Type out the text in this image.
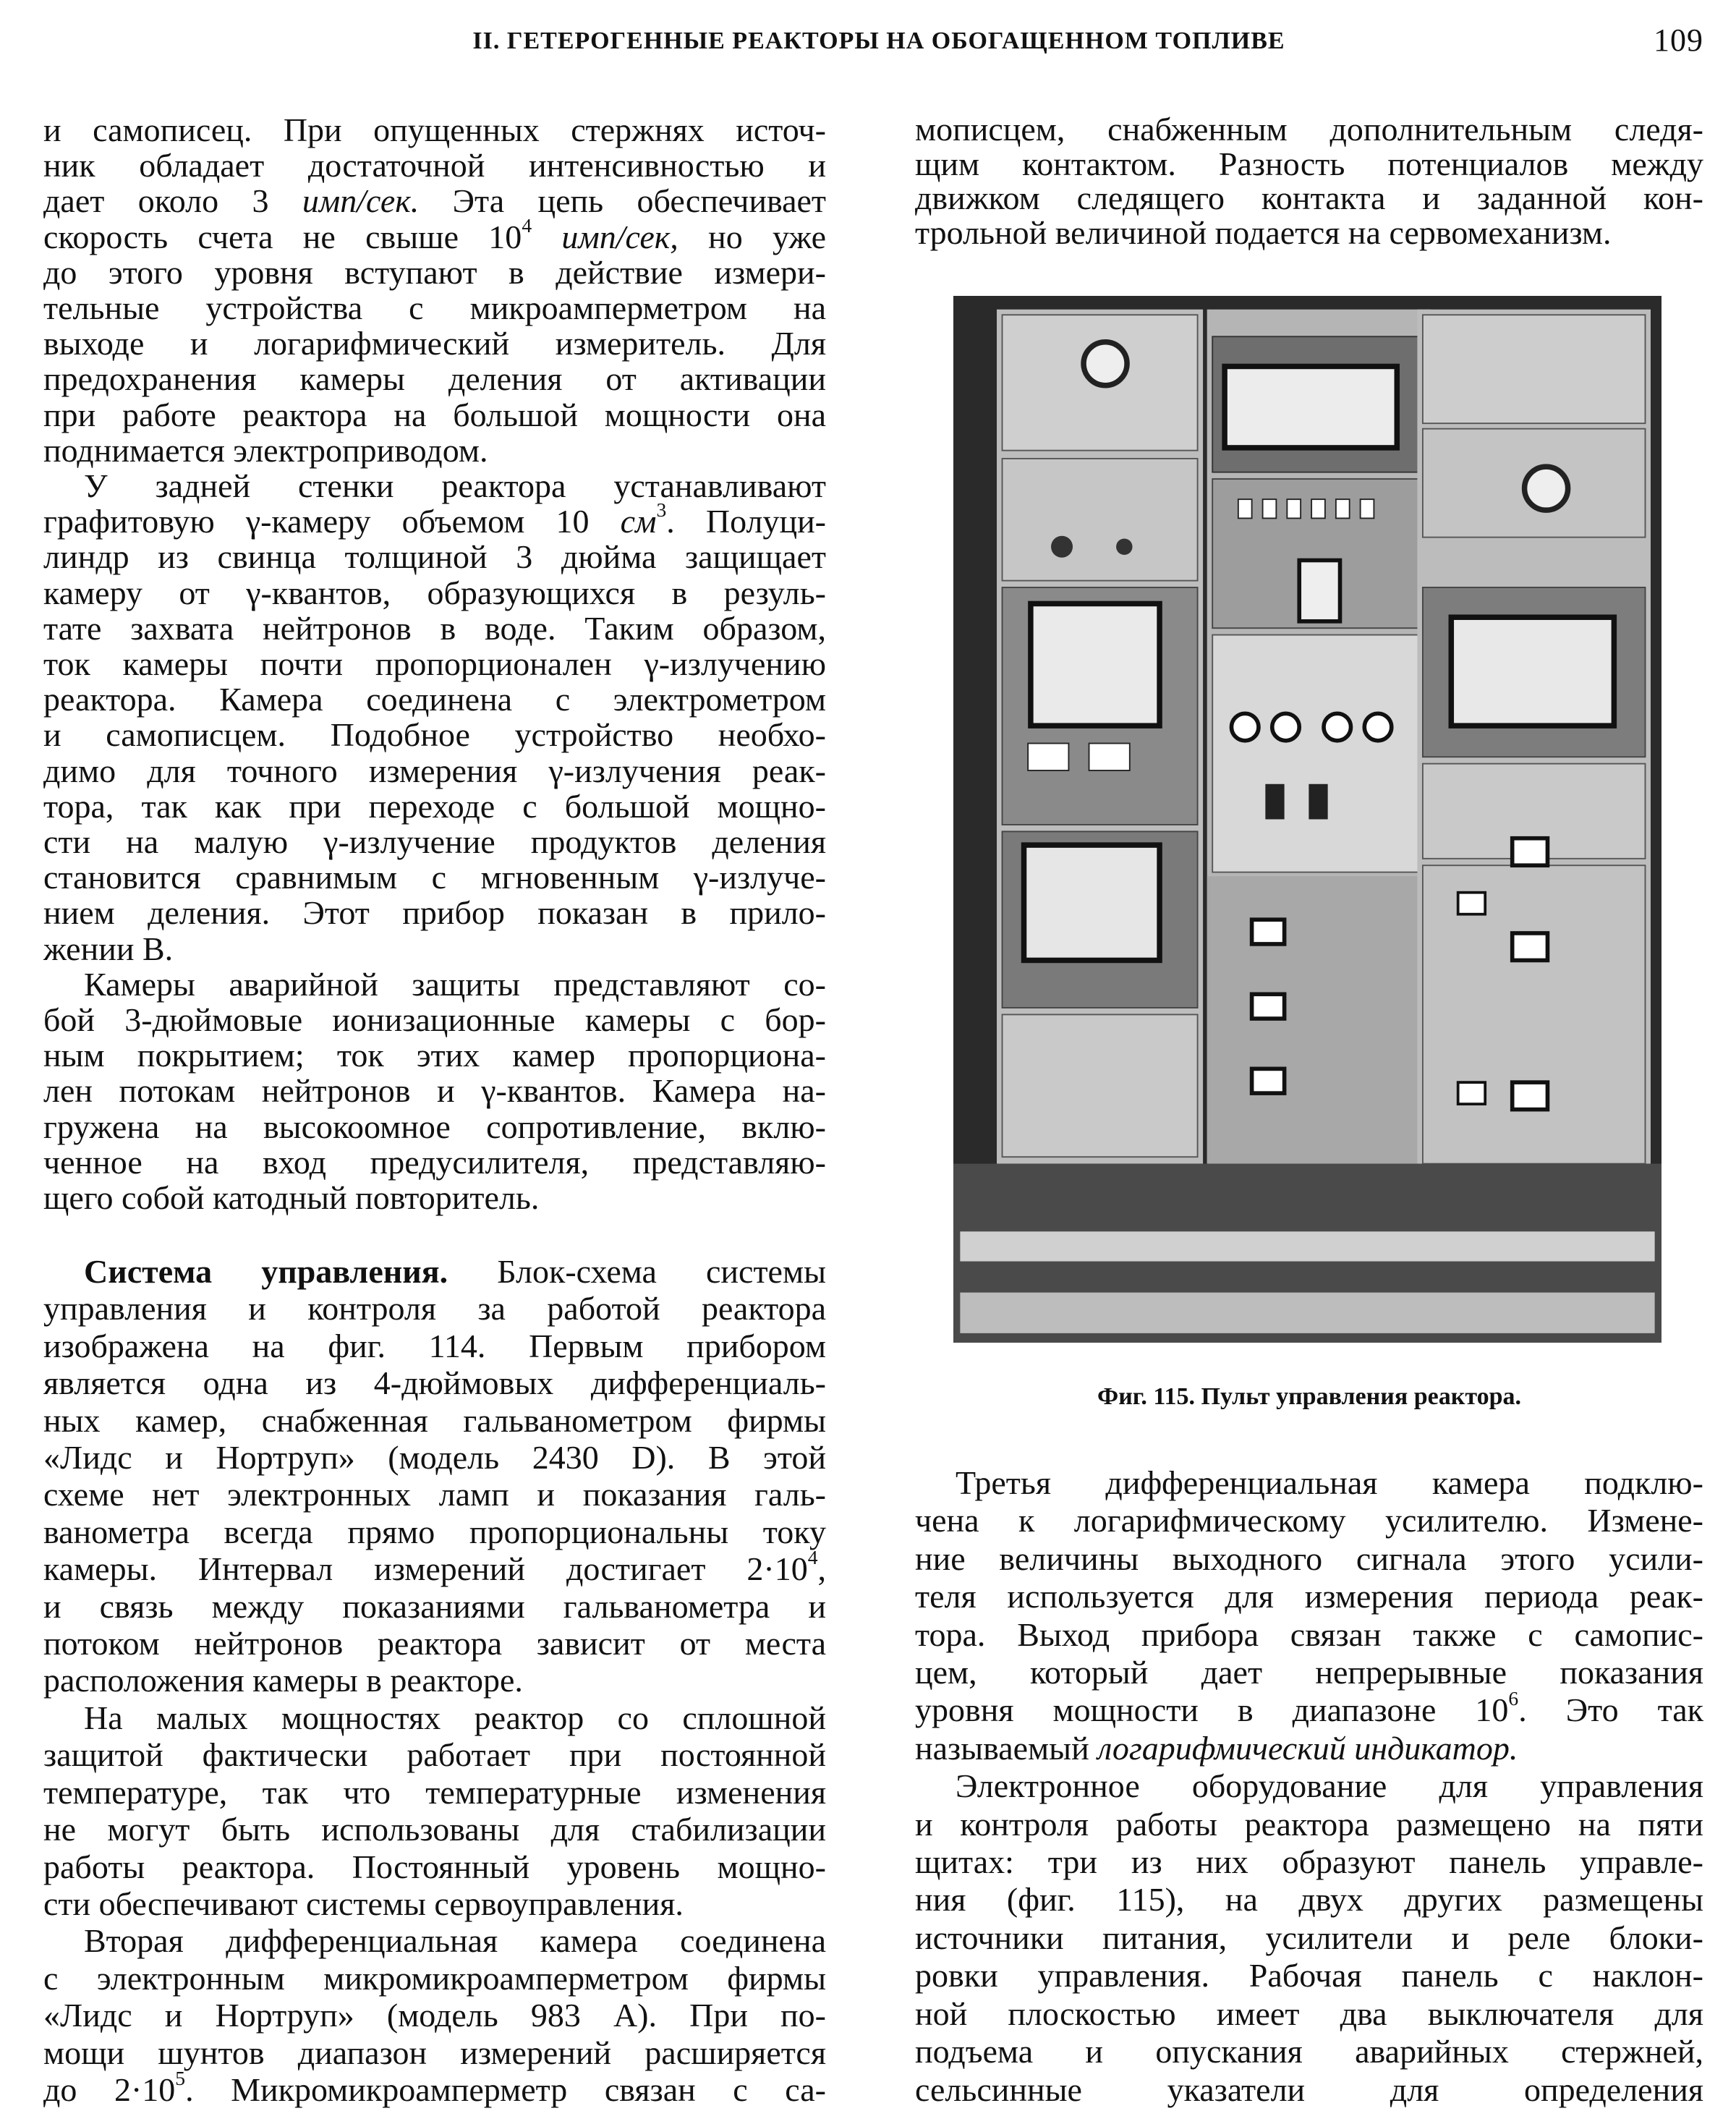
II. ГЕТЕРОГЕННЫЕ РЕАКТОРЫ НА ОБОГАЩЕННОМ ТОПЛИВЕ	109
и самописец. При опущенных стержнях источ-
ник обладает достаточной интенсивностью и
дает около 3 имп/сек. Эта цепь обеспечивает
скорость счета не свыше $10^4$ имп/сек, но уже
до этого уровня вступают в действие измери-
тельные устройства с микроамперметром на
выходе и логарифмический измеритель. Для
предохранения камеры деления от активации
при работе реактора на большой мощности она
поднимается электроприводом.
У задней стенки реактора устанавливают
графитовую γ-камеру объемом 10 $см^3$. Полуци-
линдр из свинца толщиной 3 дюйма защищает
камеру от γ-квантов, образующихся в резуль-
тате захвата нейтронов в воде. Таким образом,
ток камеры почти пропорционален γ-излучению
реактора. Камера соединена с электрометром
и самописцем. Подобное устройство необхо-
димо для точного измерения γ-излучения реак-
тора, так как при переходе с большой мощно-
сти на малую γ-излучение продуктов деления
становится сравнимым с мгновенным γ-излуче-
нием деления. Этот прибор показан в прило-
жении В.
Камеры аварийной защиты представляют со-
бой 3-дюймовые ионизационные камеры с бор-
ным покрытием; ток этих камер пропорциона-
лен потокам нейтронов и γ-квантов. Камера на-
гружена на высокоомное сопротивление, вклю-
ченное на вход предусилителя, представляю-
щего собой катодный повторитель.
Система управления. Блок-схема системы
управления и контроля за работой реактора
изображена на фиг. 114. Первым прибором
является одна из 4-дюймовых дифференциаль-
ных камер, снабженная гальванометром фирмы
«Лидс и Нортруп» (модель 2430 D). В этой
схеме нет электронных ламп и показания галь-
ванометра всегда прямо пропорциональны току
камеры. Интервал измерений достигает $2\cdot 10^4$,
и связь между показаниями гальванометра и
потоком нейтронов реактора зависит от места
расположения камеры в реакторе.
На малых мощностях реактор со сплошной
защитой фактически работает при постоянной
температуре, так что температурные изменения
не могут быть использованы для стабилизации
работы реактора. Постоянный уровень мощно-
сти обеспечивают системы сервоуправления.
Вторая дифференциальная камера соединена
с электронным микромикроамперметром фирмы
«Лидс и Нортруп» (модель 983 А). При по-
мощи шунтов диапазон измерений расширяется
до $2\cdot 10^5$. Микромикроамперметр связан с са-
мописцем, снабженным дополнительным следя-
щим контактом. Разность потенциалов между
движком следящего контакта и заданной кон-
трольной величиной подается на сервомеханизм.
Третья дифференциальная камера подклю-
чена к логарифмическому усилителю. Измене-
ние величины выходного сигнала этого усили-
теля используется для измерения периода реак-
тора. Выход прибора связан также с самопис-
цем, который дает непрерывные показания
уровня мощности в диапазоне $10^6$. Это так
называемый логарифмический индикатор.
Электронное оборудование для управления
и контроля работы реактора размещено на пяти
щитах: три из них образуют панель управле-
ния (фиг. 115), на двух других размещены
источники питания, усилители и реле блоки-
ровки управления. Рабочая панель с наклон-
ной плоскостью имеет два выключателя для
подъема и опускания аварийных стержней,
сельсинные указатели для определения
Фиг. 115. Пульт управления реактора.
